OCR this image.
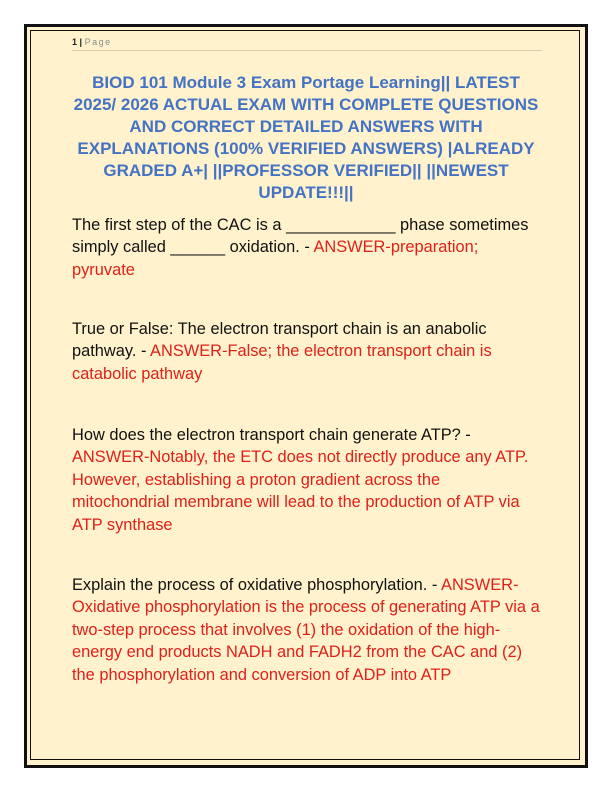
1 | Page
BIOD 101 Module 3 Exam Portage Learning|| LATEST 2025/ 2026 ACTUAL EXAM WITH COMPLETE QUESTIONS AND CORRECT DETAILED ANSWERS WITH EXPLANATIONS (100% VERIFIED ANSWERS) |ALREADY GRADED A+| ||PROFESSOR VERIFIED|| ||NEWEST UPDATE!!!||
The first step of the CAC is a ____________ phase sometimes simply called ______ oxidation. - ANSWER-preparation; pyruvate
True or False: The electron transport chain is an anabolic pathway. - ANSWER-False; the electron transport chain is catabolic pathway
How does the electron transport chain generate ATP? - ANSWER-Notably, the ETC does not directly produce any ATP. However, establishing a proton gradient across the mitochondrial membrane will lead to the production of ATP via ATP synthase
Explain the process of oxidative phosphorylation. - ANSWER-Oxidative phosphorylation is the process of generating ATP via a two-step process that involves (1) the oxidation of the high-energy end products NADH and FADH2 from the CAC and (2) the phosphorylation and conversion of ADP into ATP
